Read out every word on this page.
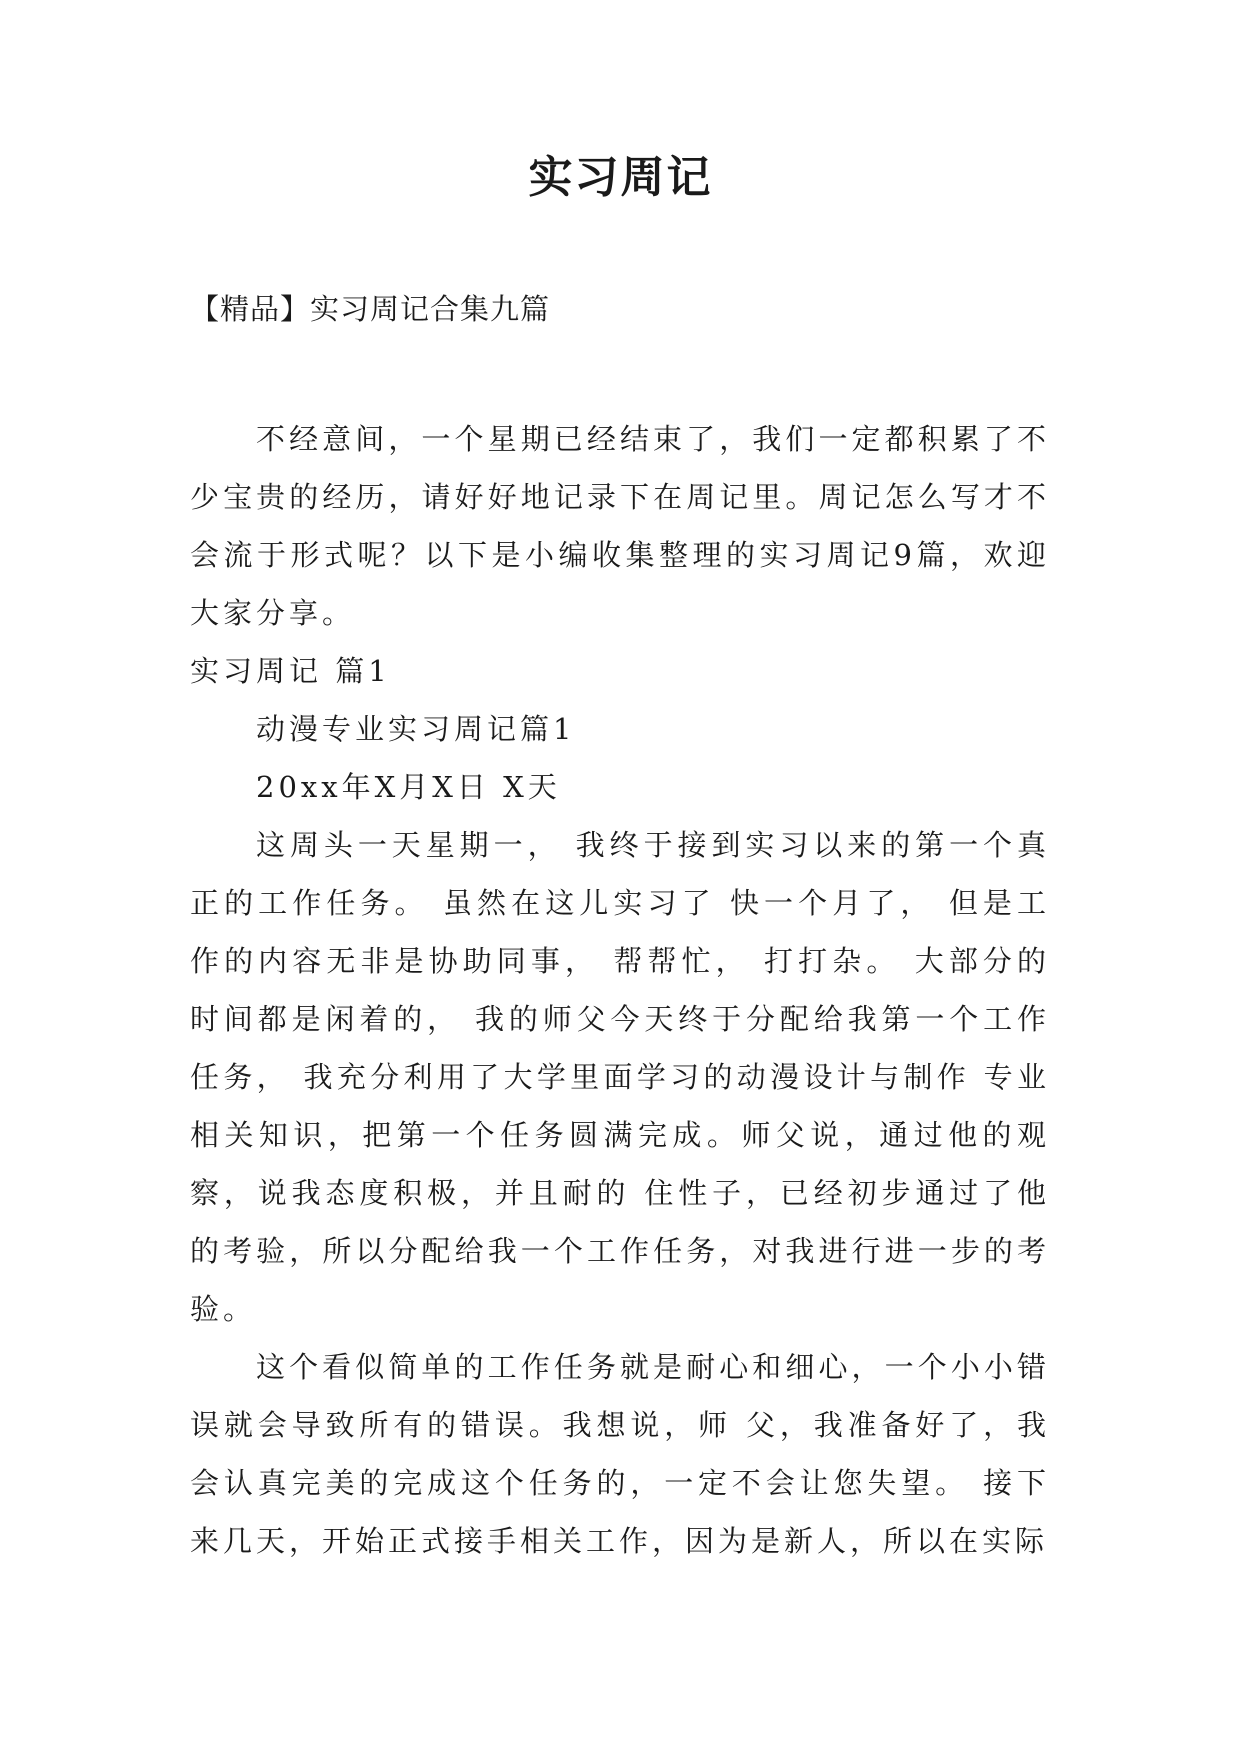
实习周记
【精品】实习周记合集九篇

不经意间，一个星期已经结束了，我们一定都积累了不少宝贵的经历，请好好地记录下在周记里。周记怎么写才不会流于形式呢？以下是小编收集整理的实习周记9篇，欢迎大家分享。

实习周记 篇1

动漫专业实习周记篇1

20xx年X月X日 X天

这周头一天星期一， 我终于接到实习以来的第一个真正的工作任务。 虽然在这儿实习了 快一个月了， 但是工作的内容无非是协助同事， 帮帮忙， 打打杂。 大部分的时间都是闲着的， 我的师父今天终于分配给我第一个工作任务， 我充分利用了大学里面学习的动漫设计与制作 专业相关知识，把第一个任务圆满完成。师父说，通过他的观察，说我态度积极，并且耐的 住性子，已经初步通过了他的考验，所以分配给我一个工作任务，对我进行进一步的考验。

这个看似简单的工作任务就是耐心和细心，一个小小错误就会导致所有的错误。我想说，师 父，我准备好了，我会认真完美的完成这个任务的，一定不会让您失望。 接下来几天，开始正式接手相关工作，因为是新人，所以在实际
